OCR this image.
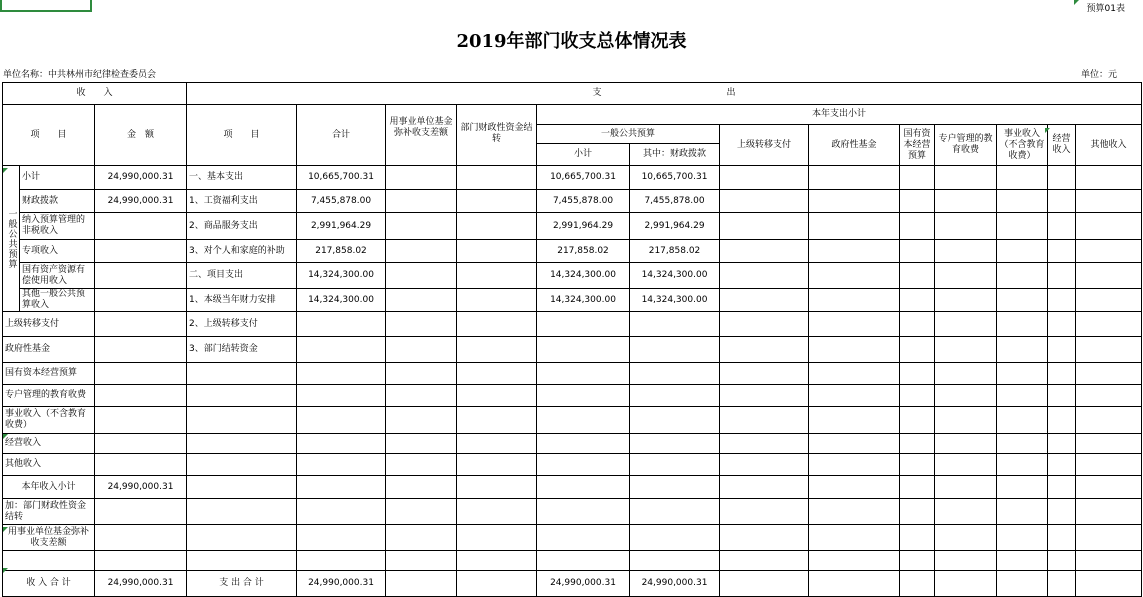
预算01表
2019年部门收支总体情况表
单位名称：中共林州市纪律检查委员会	单位：元
收　　入			支 出												
项　　目		金　额	项　　目	合计	用事业单位基金弥补收支差额	部门财政性资金结转	本年支出小计								
							一般公共预算		上级转移支付	政府性基金	国有资本经营预算	专户管理的教育收费	事业收入（不含教育收费）	经营收入	其他收入
							小计	其中：财政拨款							
一般公共预算	小计	24,990,000.31	一、基本支出	10,665,700.31			10,665,700.31	10,665,700.31							
	财政拨款	24,990,000.31	1、工资福利支出	7,455,878.00			7,455,878.00	7,455,878.00							
	纳入预算管理的非税收入		2、商品服务支出	2,991,964.29			2,991,964.29	2,991,964.29							
	专项收入		3、对个人和家庭的补助	217,858.02			217,858.02	217,858.02							
	国有资产资源有偿使用收入		二、项目支出	14,324,300.00			14,324,300.00	14,324,300.00							
	其他一般公共预算收入		1、本级当年财力安排	14,324,300.00			14,324,300.00	14,324,300.00							
上级转移支付			2、上级转移支付												
政府性基金			3、部门结转资金												
国有资本经营预算															
专户管理的教育收费															
事业收入（不含教育收费）															
经营收入															
其他收入															
本年收入小计		24,990,000.31													
加：部门财政性资金结转															
用事业单位基金弥补收支差额															

收 入 合 计		24,990,000.31	支 出 合 计	24,990,000.31			24,990,000.31	24,990,000.31							
